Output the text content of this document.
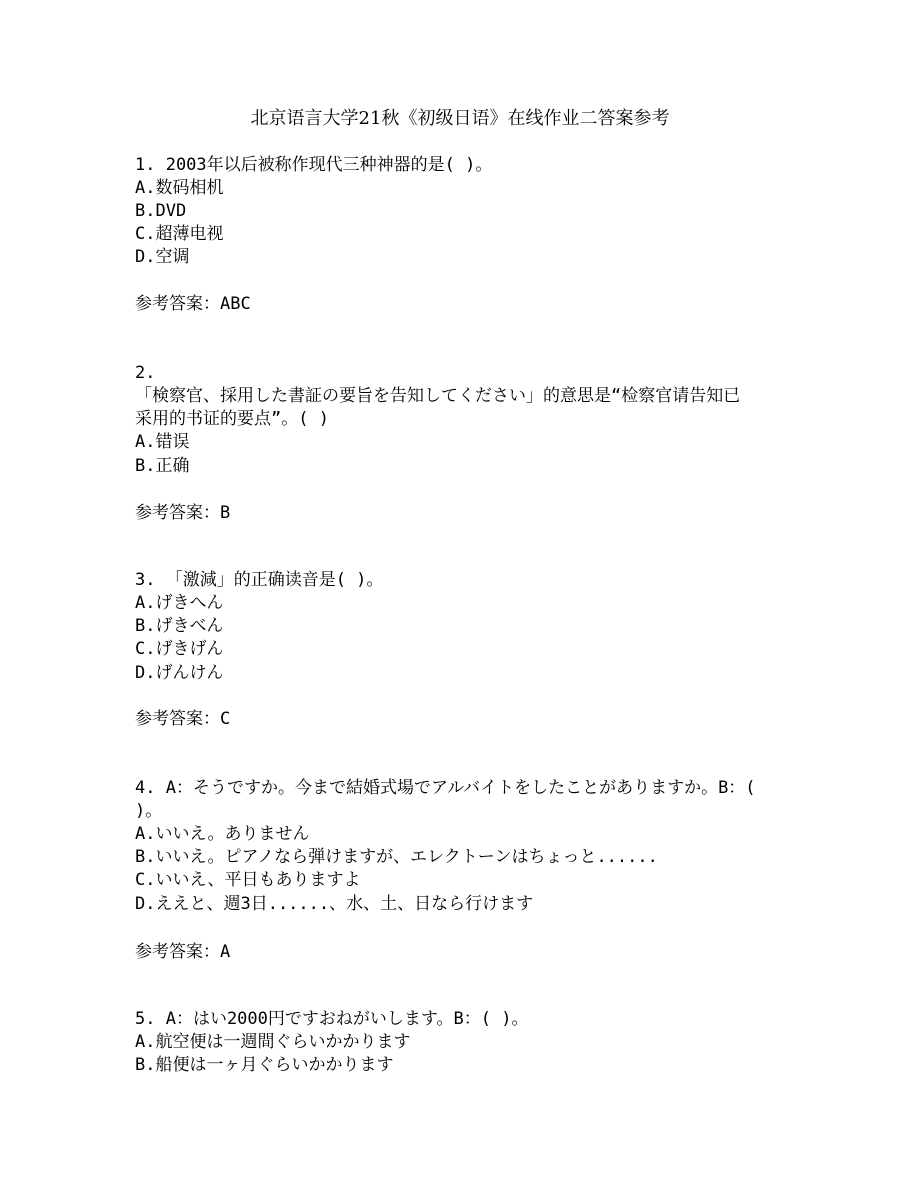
北京语言大学21秋《初级日语》在线作业二答案参考
1. 2003年以后被称作现代三种神器的是( )。
A.数码相机
B.DVD
C.超薄电视
D.空调
参考答案：ABC
2.
「検察官、採用した書証の要旨を告知してください」的意思是“检察官请告知已
采用的书证的要点”。( )
A.错误
B.正确
参考答案：B
3. 「激減」的正确读音是( )。
A.げきへん
B.げきべん
C.げきげん
D.げんけん
参考答案：C
4. A：そうですか。今まで結婚式場でアルバイトをしたことがありますか。B：(
)。
A.いいえ。ありません
B.いいえ。ピアノなら弾けますが、エレクトーンはちょっと......
C.いいえ、平日もありますよ
D.ええと、週3日......、水、土、日なら行けます
参考答案：A
5. A：はい2000円ですおねがいします。B：( )。
A.航空便は一週間ぐらいかかります
B.船便は一ヶ月ぐらいかかります
